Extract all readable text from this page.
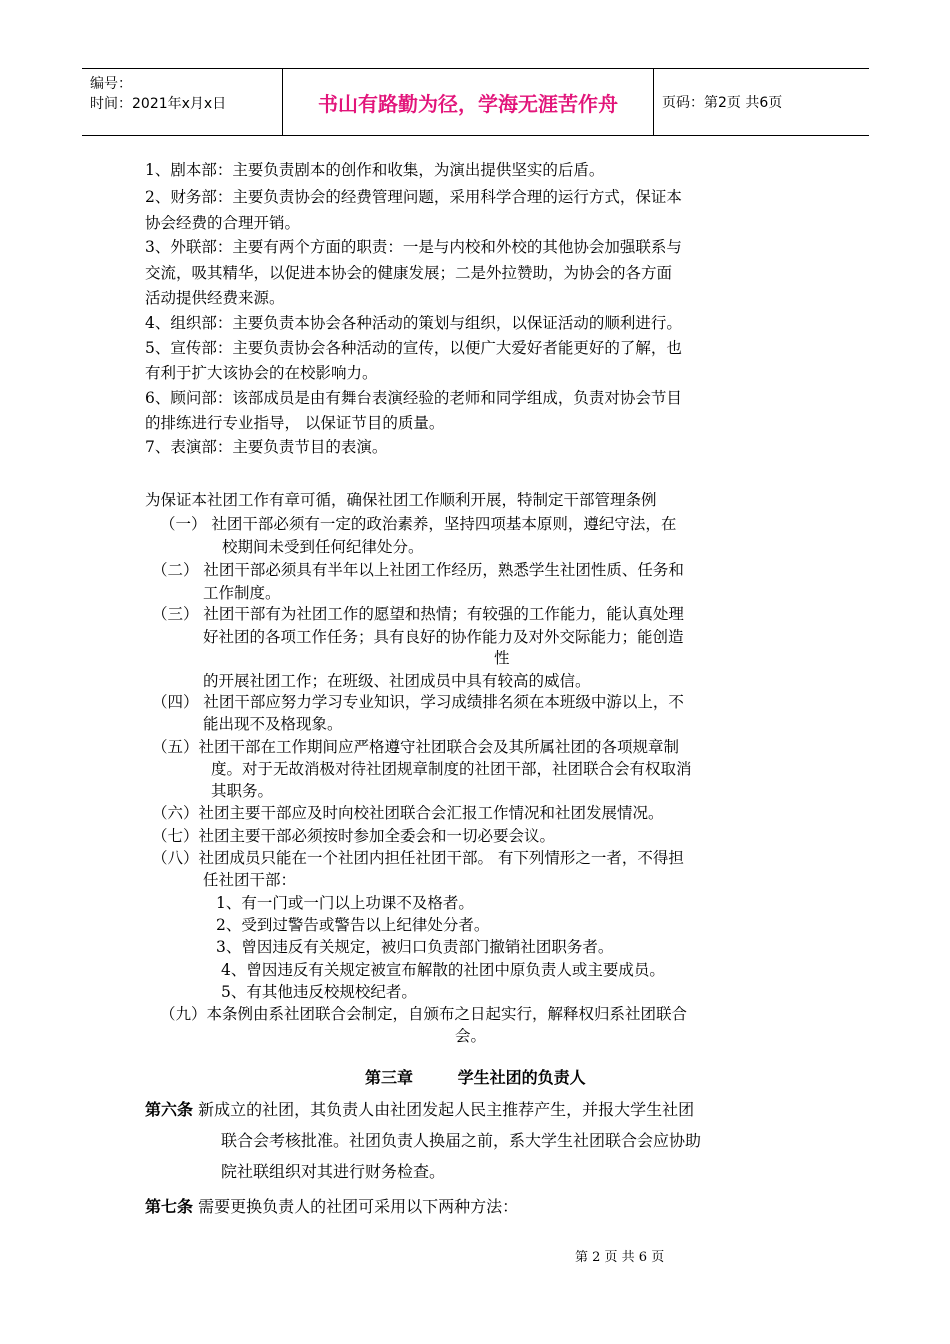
编号：
时间：2021年x月x日	书山有路勤为径，学海无涯苦作舟	页码：第2页 共6页
1、剧本部：主要负责剧本的创作和收集，为演出提供坚实的后盾。
2、财务部：主要负责协会的经费管理问题，采用科学合理的运行方式，保证本
协会经费的合理开销。
3、外联部：主要有两个方面的职责：一是与内校和外校的其他协会加强联系与
交流，吸其精华，以促进本协会的健康发展；二是外拉赞助，为协会的各方面
活动提供经费来源。
4、组织部：主要负责本协会各种活动的策划与组织，以保证活动的顺利进行。
5、宣传部：主要负责协会各种活动的宣传，以便广大爱好者能更好的了解，也
有利于扩大该协会的在校影响力。
6、顾问部：该部成员是由有舞台表演经验的老师和同学组成，负责对协会节目
的排练进行专业指导， 以保证节目的质量。
7、表演部：主要负责节目的表演。
为保证本社团工作有章可循，确保社团工作顺利开展，特制定干部管理条例
（一） 社团干部必须有一定的政治素养，坚持四项基本原则，遵纪守法，在
校期间未受到任何纪律处分。
（二） 社团干部必须具有半年以上社团工作经历，熟悉学生社团性质、任务和
工作制度。
（三） 社团干部有为社团工作的愿望和热情；有较强的工作能力，能认真处理
好社团的各项工作任务；具有良好的协作能力及对外交际能力；能创造
性
的开展社团工作；在班级、社团成员中具有较高的威信。
（四） 社团干部应努力学习专业知识，学习成绩排名须在本班级中游以上，不
能出现不及格现象。
（五）社团干部在工作期间应严格遵守社团联合会及其所属社团的各项规章制
度。对于无故消极对待社团规章制度的社团干部，社团联合会有权取消
其职务。
（六）社团主要干部应及时向校社团联合会汇报工作情况和社团发展情况。
（七）社团主要干部必须按时参加全委会和一切必要会议。
（八）社团成员只能在一个社团内担任社团干部。 有下列情形之一者，不得担
任社团干部：
1、有一门或一门以上功课不及格者。
2、受到过警告或警告以上纪律处分者。
3、曾因违反有关规定，被归口负责部门撤销社团职务者。
4、曾因违反有关规定被宣布解散的社团中原负责人或主要成员。
5、有其他违反校规校纪者。
（九）本条例由系社团联合会制定，自颁布之日起实行，解释权归系社团联合
会。
第三章        学生社团的负责人
第六条 新成立的社团，其负责人由社团发起人民主推荐产生，并报大学生社团
联合会考核批准。社团负责人换届之前，系大学生社团联合会应协助
院社联组织对其进行财务检查。
第七条 需要更换负责人的社团可采用以下两种方法：
第 2 页 共 6 页
